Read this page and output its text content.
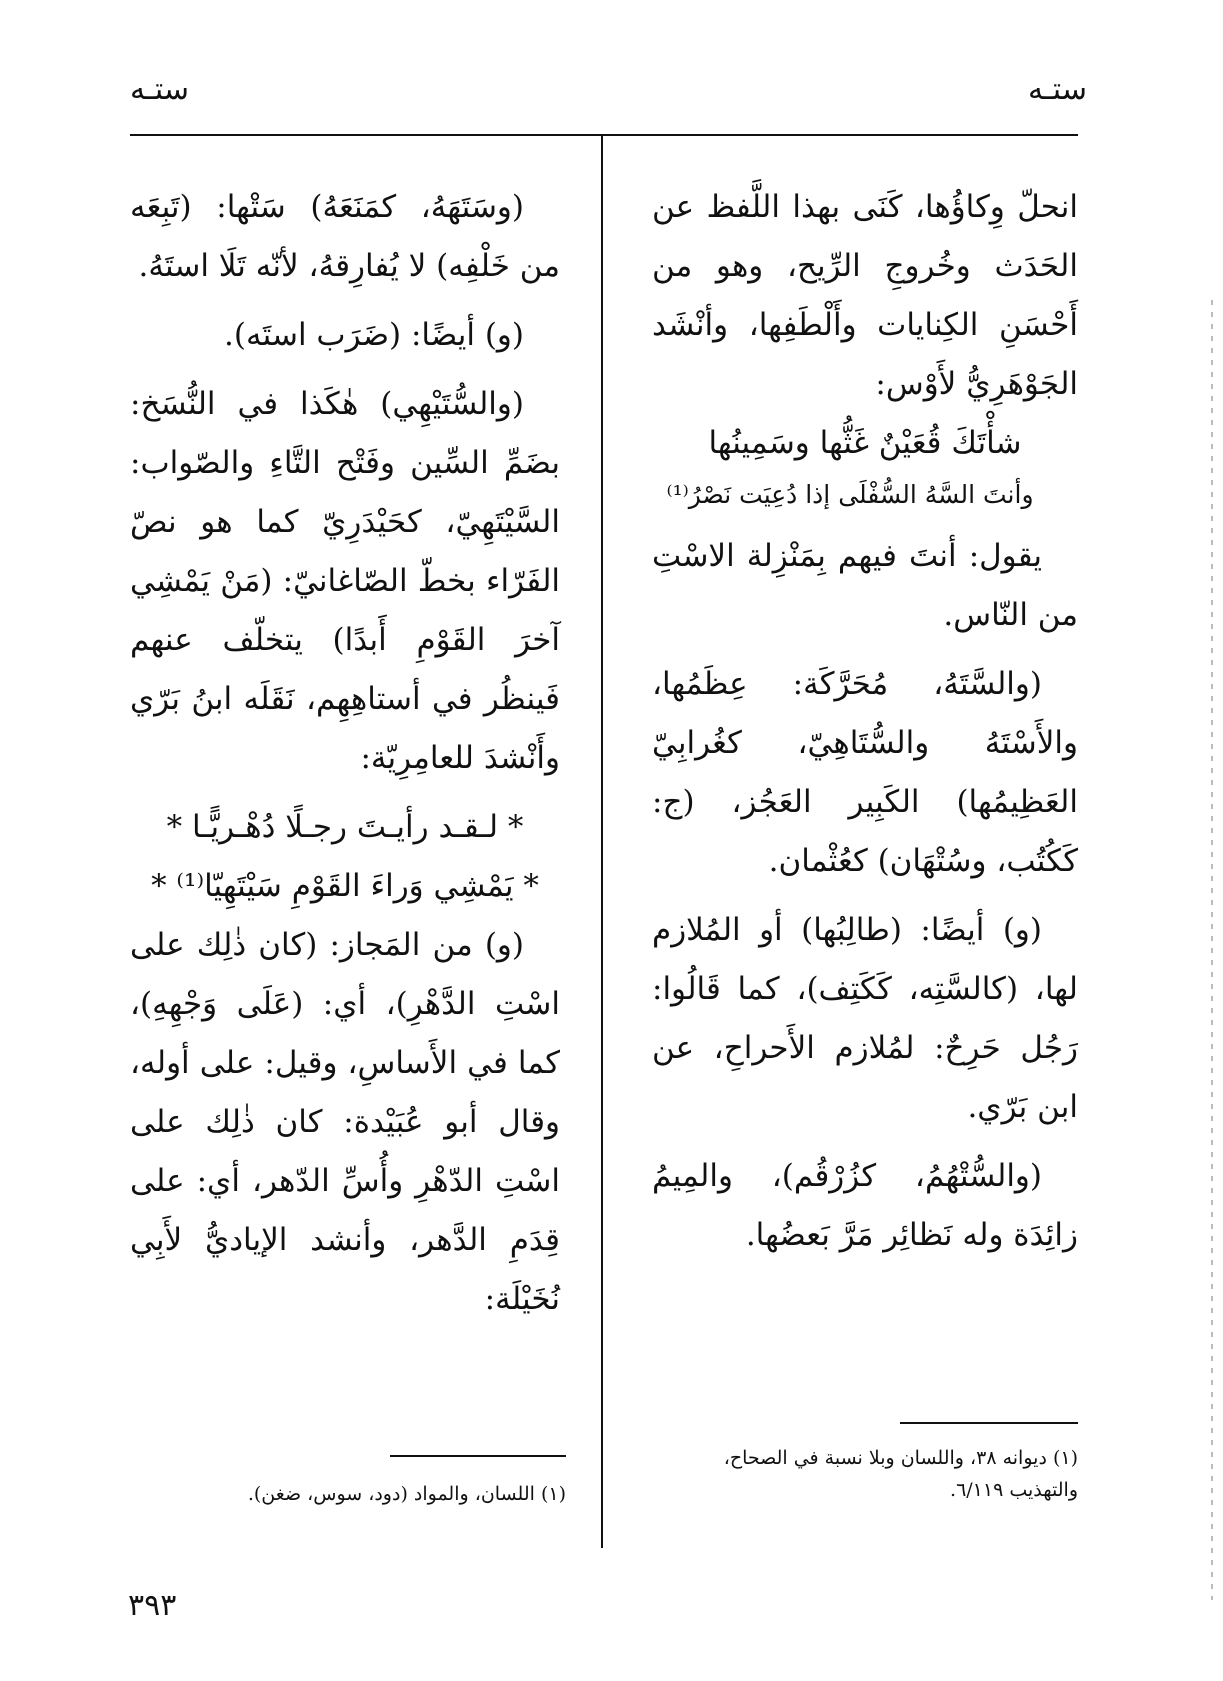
ستـه	ستـه

انحلّ وِكاؤُها، كَنَى بهذا اللَّفظ عن الحَدَث وخُروجِ الرِّيح، وهو من أَحْسَنِ الكِنايات وأَلْطَفِها، وأنْشَد الجَوْهَرِيُّ لأَوْس:

شأْتَكَ قُعَيْنٌ غَثُّها وسَمِينُها

وأنتَ السَّهُ السُّفْلَى إذا دُعِيَت نَصْرُ⁽¹⁾

يقول: أنتَ فيهم بِمَنْزِلة الاسْتِ من النّاس.

(والسَّتَهُ، مُحَرَّكَة: عِظَمُها، والأَسْتَهُ والسُّتَاهِيّ، كغُرابِيّ العَظِيمُها) الكَبِير العَجُز، (ج: كَكُتُب، وسُتْهَان) كعُثْمان.

(و) أيضًا: (طالِبُها) أو المُلازم لها، (كالسَّتِه، كَكَتِف)، كما قَالُوا: رَجُل حَرِحٌ: لمُلازم الأَحراحِ، عن ابن بَرّي.

(والسُّتْهُمُ، كزُرْقُم)، والمِيمُ زائِدَة وله نَظائِر مَرَّ بَعضُها.

(وسَتَهَهُ، كمَنَعَهُ) سَتْها: (تَبِعَه من خَلْفِه) لا يُفارِقهُ، لأنّه تَلَا استَهُ.

(و) أيضًا: (ضَرَب استَه).

(والسُّتَيْهِي) هٰكَذا في النُّسَخ: بضَمِّ السِّين وفَتْح التَّاءِ والصّواب: السَّيْتَهِيّ، كحَيْدَرِيّ كما هو نصّ الفَرّاء بخطّ الصّاغانيّ: (مَنْ يَمْشِي آخرَ القَوْمِ أَبدًا) يتخلّف عنهم فَينظُر في أستاهِهِم، نَقَلَه ابنُ بَرّي وأَنْشدَ للعامِرِيّة:

* لـقـد رأيـتَ رجـلًا دُهْـريًّـا *

* يَمْشِي وَراءَ القَوْمِ سَيْتَهِيّا⁽¹⁾ *

(و) من المَجاز: (كان ذٰلِك على اسْتِ الدَّهْرِ)، أي: (عَلَى وَجْهِهِ)، كما في الأَساسِ، وقيل: على أوله، وقال أبو عُبَيْدة: كان ذٰلِك على اسْتِ الدّهْرِ وأُسِّ الدّهر، أي: على قِدَمِ الدَّهر، وأنشد الإياديُّ لأَبِي نُخَيْلَة:

(١) ديوانه ٣٨، واللسان وبلا نسبة في الصحاح، والتهذيب ٦/١١٩.
(١) اللسان، والمواد (دود، سوس، ضغن).
٣٩٣
